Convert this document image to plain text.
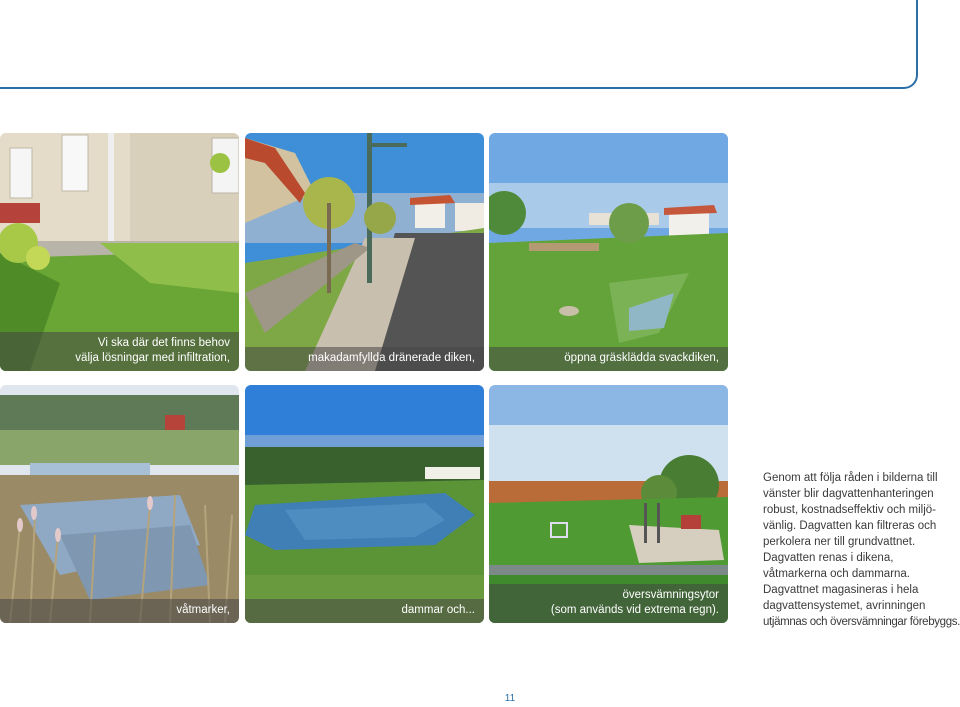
Vi ska där det finns behov
välja lösningar med infiltration,	makadamfyllda dränerade diken,	öppna gräsklädda svackdiken,
våtmarker,	dammar och...
översvämningsytor
(som används vid extrema regn).
Genom att följa råden i bilderna till
vänster blir dagvattenhanteringen
robust, kostnadseffektiv och miljö-
vänlig. Dagvatten kan filtreras och
perkolera ner till grundvattnet.
Dagvatten renas i dikena,
våtmarkerna och dammarna.
Dagvattnet magasineras i hela
dagvattensystemet, avrinningen
utjämnas och översvämningar förebyggs.
11
